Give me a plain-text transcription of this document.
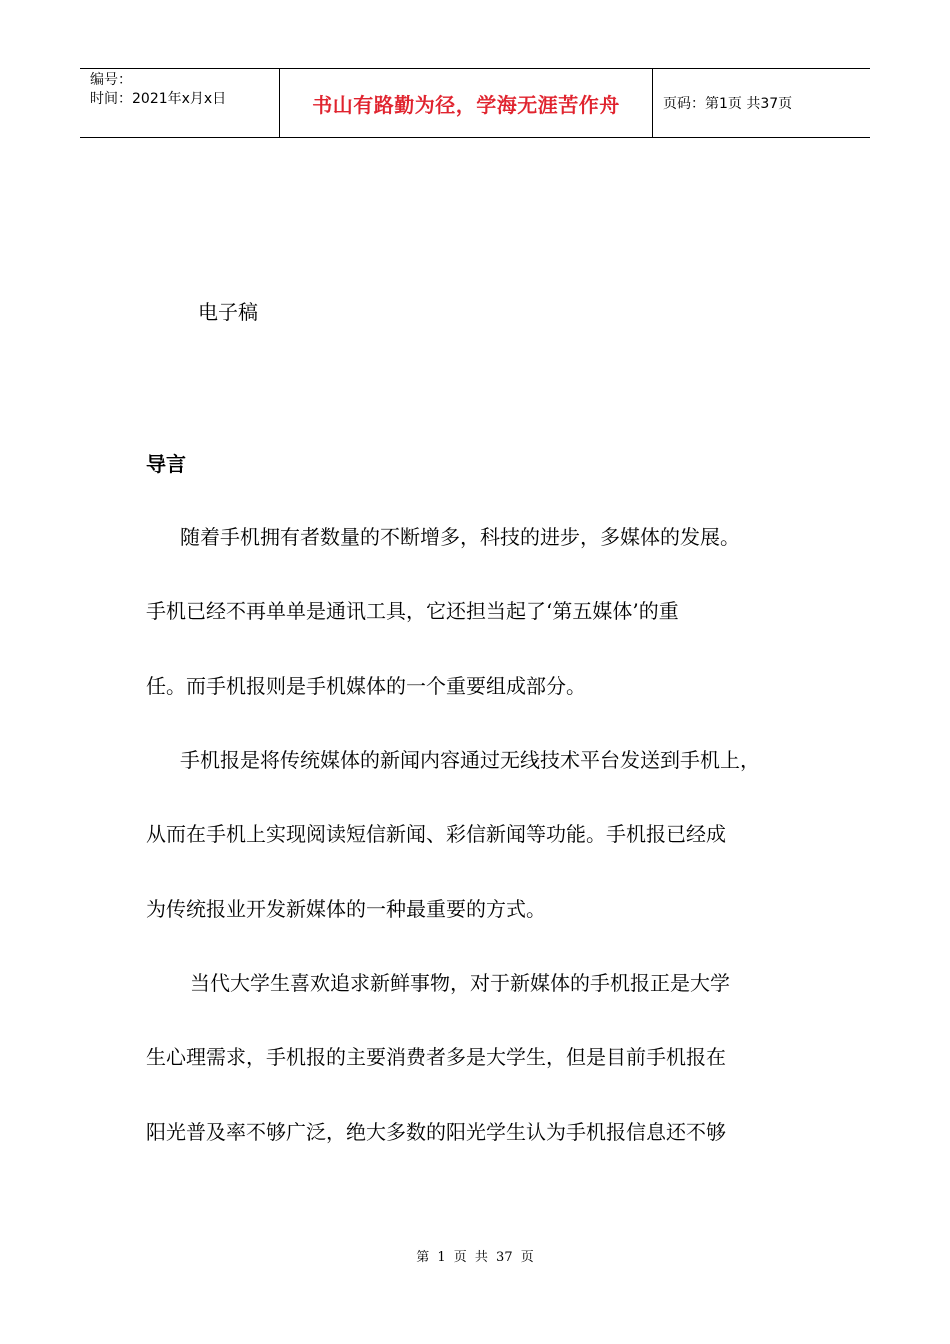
编号：
时间：2021年x月x日	书山有路勤为径，学海无涯苦作舟	页码：第1页 共37页
电子稿
导言
随着手机拥有者数量的不断增多，科技的进步，多媒体的发展。
手机已经不再单单是通讯工具，它还担当起了‘第五媒体’的重
任。而手机报则是手机媒体的一个重要组成部分。
手机报是将传统媒体的新闻内容通过无线技术平台发送到手机上，
从而在手机上实现阅读短信新闻、彩信新闻等功能。手机报已经成
为传统报业开发新媒体的一种最重要的方式。
当代大学生喜欢追求新鲜事物，对于新媒体的手机报正是大学
生心理需求，手机报的主要消费者多是大学生，但是目前手机报在
阳光普及率不够广泛，绝大多数的阳光学生认为手机报信息还不够
第 1 页 共 37 页
